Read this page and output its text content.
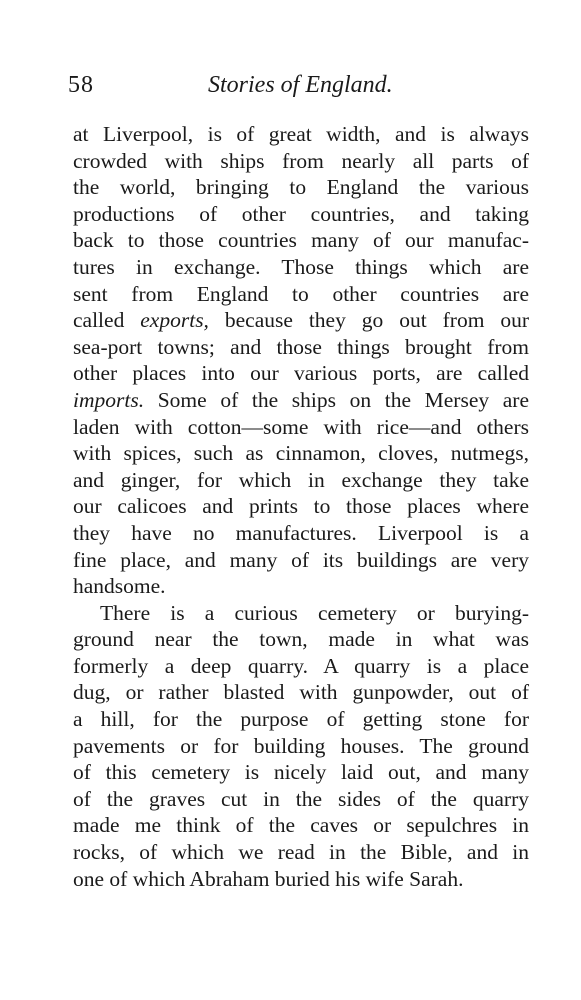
58	Stories of England.
at Liverpool, is of great width, and is always
crowded with ships from nearly all parts of
the world, bringing to England the various
productions of other countries, and taking
back to those countries many of our manufac-
tures in exchange. Those things which are
sent from England to other countries are
called exports, because they go out from our
sea-port towns; and those things brought from
other places into our various ports, are called
imports. Some of the ships on the Mersey are
laden with cotton—some with rice—and others
with spices, such as cinnamon, cloves, nutmegs,
and ginger, for which in exchange they take
our calicoes and prints to those places where
they have no manufactures. Liverpool is a
fine place, and many of its buildings are very
handsome.
There is a curious cemetery or burying-
ground near the town, made in what was
formerly a deep quarry. A quarry is a place
dug, or rather blasted with gunpowder, out of
a hill, for the purpose of getting stone for
pavements or for building houses. The ground
of this cemetery is nicely laid out, and many
of the graves cut in the sides of the quarry
made me think of the caves or sepulchres in
rocks, of which we read in the Bible, and in
one of which Abraham buried his wife Sarah.
